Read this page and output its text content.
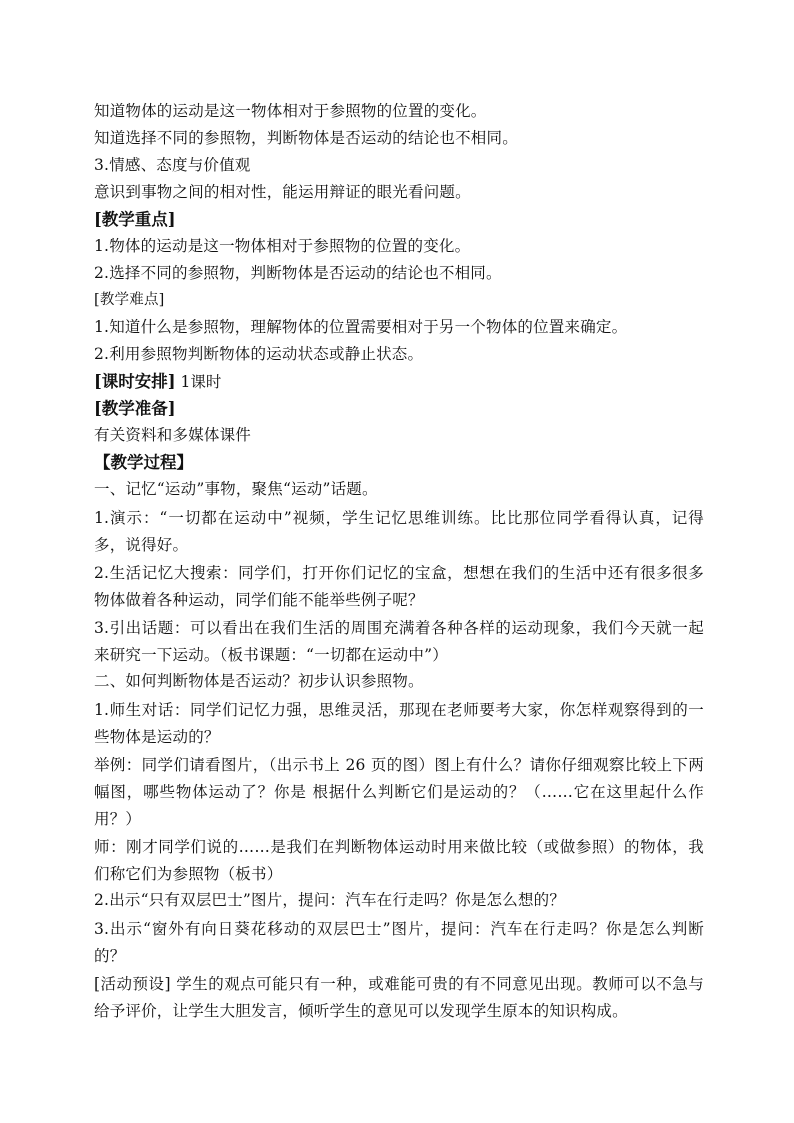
知道物体的运动是这一物体相对于参照物的位置的变化。
知道选择不同的参照物，判断物体是否运动的结论也不相同。
3.情感、态度与价值观
意识到事物之间的相对性，能运用辩证的眼光看问题。
[教学重点]
1.物体的运动是这一物体相对于参照物的位置的变化。
2.选择不同的参照物，判断物体是否运动的结论也不相同。
[教学难点]
1.知道什么是参照物，理解物体的位置需要相对于另一个物体的位置来确定。
2.利用参照物判断物体的运动状态或静止状态。
[课时安排] 1课时
[教学准备]
有关资料和多媒体课件
【教学过程】
一、记忆“运动”事物，聚焦“运动”话题。
1.演示：“一切都在运动中”视频，学生记忆思维训练。比比那位同学看得认真，记得多，说得好。
2.生活记忆大搜索：同学们，打开你们记忆的宝盒，想想在我们的生活中还有很多很多物体做着各种运动，同学们能不能举些例子呢？
3.引出话题：可以看出在我们生活的周围充满着各种各样的运动现象，我们今天就一起来研究一下运动。（板书课题：“一切都在运动中”）
二、如何判断物体是否运动？初步认识参照物。
1.师生对话：同学们记忆力强，思维灵活，那现在老师要考大家，你怎样观察得到的一些物体是运动的？
举例：同学们请看图片，（出示书上 26 页的图）图上有什么？请你仔细观察比较上下两幅图，哪些物体运动了？你是 根据什么判断它们是运动的？（……它在这里起什么作用？）
师：刚才同学们说的……是我们在判断物体运动时用来做比较（或做参照）的物体，我们称它们为参照物（板书）
2.出示“只有双层巴士”图片，提问：汽车在行走吗？你是怎么想的？
3.出示“窗外有向日葵花移动的双层巴士”图片，提问：汽车在行走吗？你是怎么判断的？
[活动预设] 学生的观点可能只有一种，或难能可贵的有不同意见出现。教师可以不急与给予评价，让学生大胆发言，倾听学生的意见可以发现学生原本的知识构成。
